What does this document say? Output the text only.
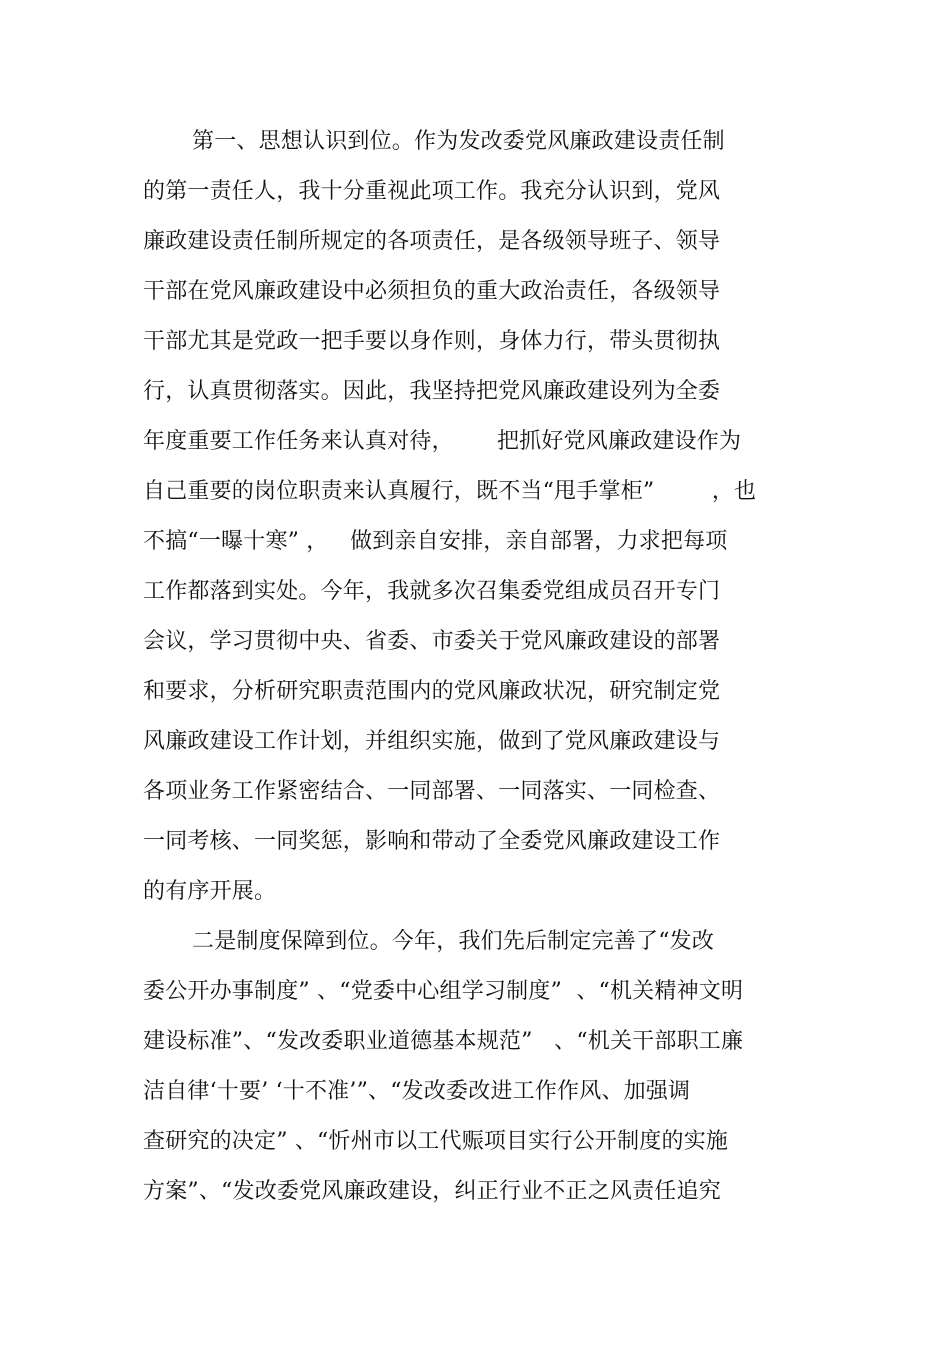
第一、思想认识到位。作为发改委党风廉政建设责任制
的第一责任人，我十分重视此项工作。我充分认识到，党风
廉政建设责任制所规定的各项责任，是各级领导班子、领导
干部在党风廉政建设中必须担负的重大政治责任，各级领导
干部尤其是党政一把手要以身作则，身体力行，带头贯彻执
行，认真贯彻落实。因此，我坚持把党风廉政建设列为全委
年度重要工作任务来认真对待，      把抓好党风廉政建设作为
自己重要的岗位职责来认真履行，既不当“甩手掌柜”        ，也
不搞“一曝十寒” ，   做到亲自安排，亲自部署，力求把每项
工作都落到实处。今年，我就多次召集委党组成员召开专门
会议，学习贯彻中央、省委、市委关于党风廉政建设的部署
和要求，分析研究职责范围内的党风廉政状况，研究制定党
风廉政建设工作计划，并组织实施，做到了党风廉政建设与
各项业务工作紧密结合、一同部署、一同落实、一同检查、
一同考核、一同奖惩，影响和带动了全委党风廉政建设工作
的有序开展。
二是制度保障到位。今年，我们先后制定完善了“发改
委公开办事制度” 、“党委中心组学习制度”  、“机关精神文明
建设标准”、“发改委职业道德基本规范”   、“机关干部职工廉
洁自律‘十要’ ‘十不准’”、“发改委改进工作作风、加强调
查研究的决定” 、“忻州市以工代赈项目实行公开制度的实施
方案”、“发改委党风廉政建设，纠正行业不正之风责任追究
